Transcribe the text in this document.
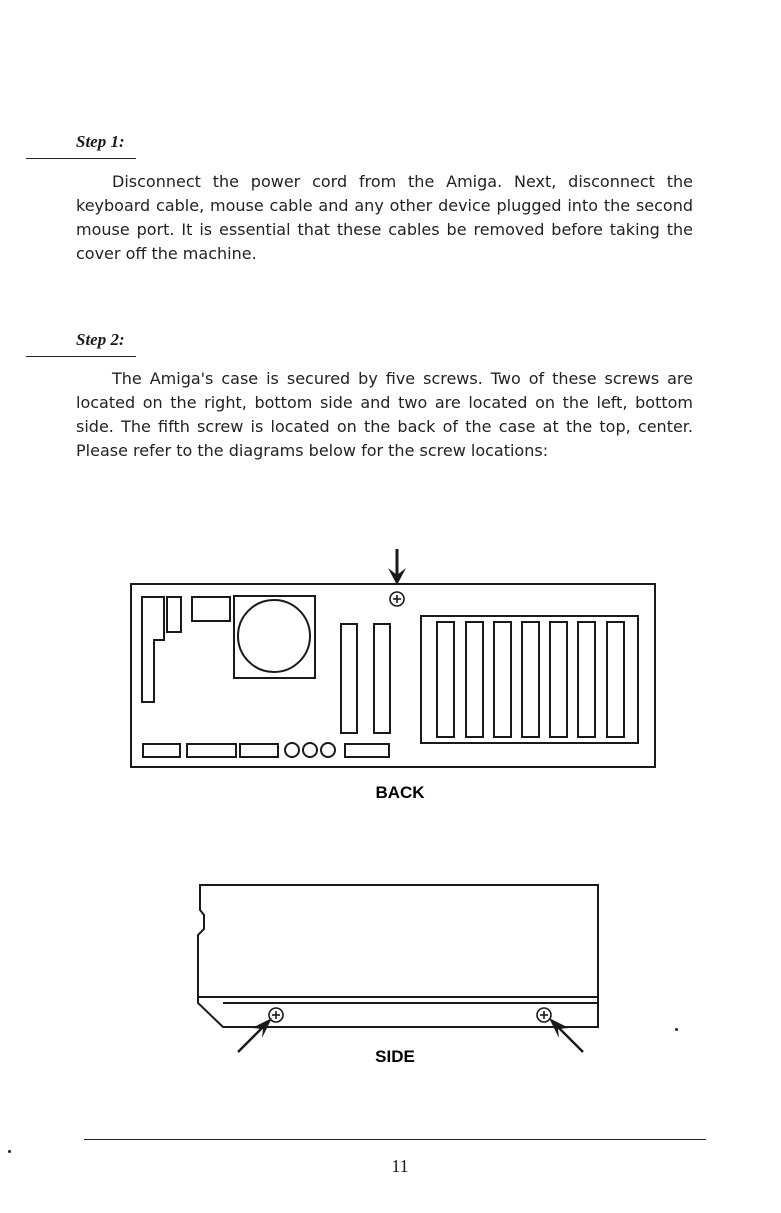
Step 1:

Disconnect the power cord from the Amiga. Next, disconnect the keyboard cable, mouse cable and any other device plugged into the second mouse port. It is essential that these cables be removed before taking the cover off the machine.

Step 2:

The Amiga's case is secured by five screws. Two of these screws are located on the right, bottom side and two are located on the left, bottom side. The fifth screw is located on the back of the case at the top, center. Please refer to the diagrams below for the screw locations:

BACK
SIDE

11
